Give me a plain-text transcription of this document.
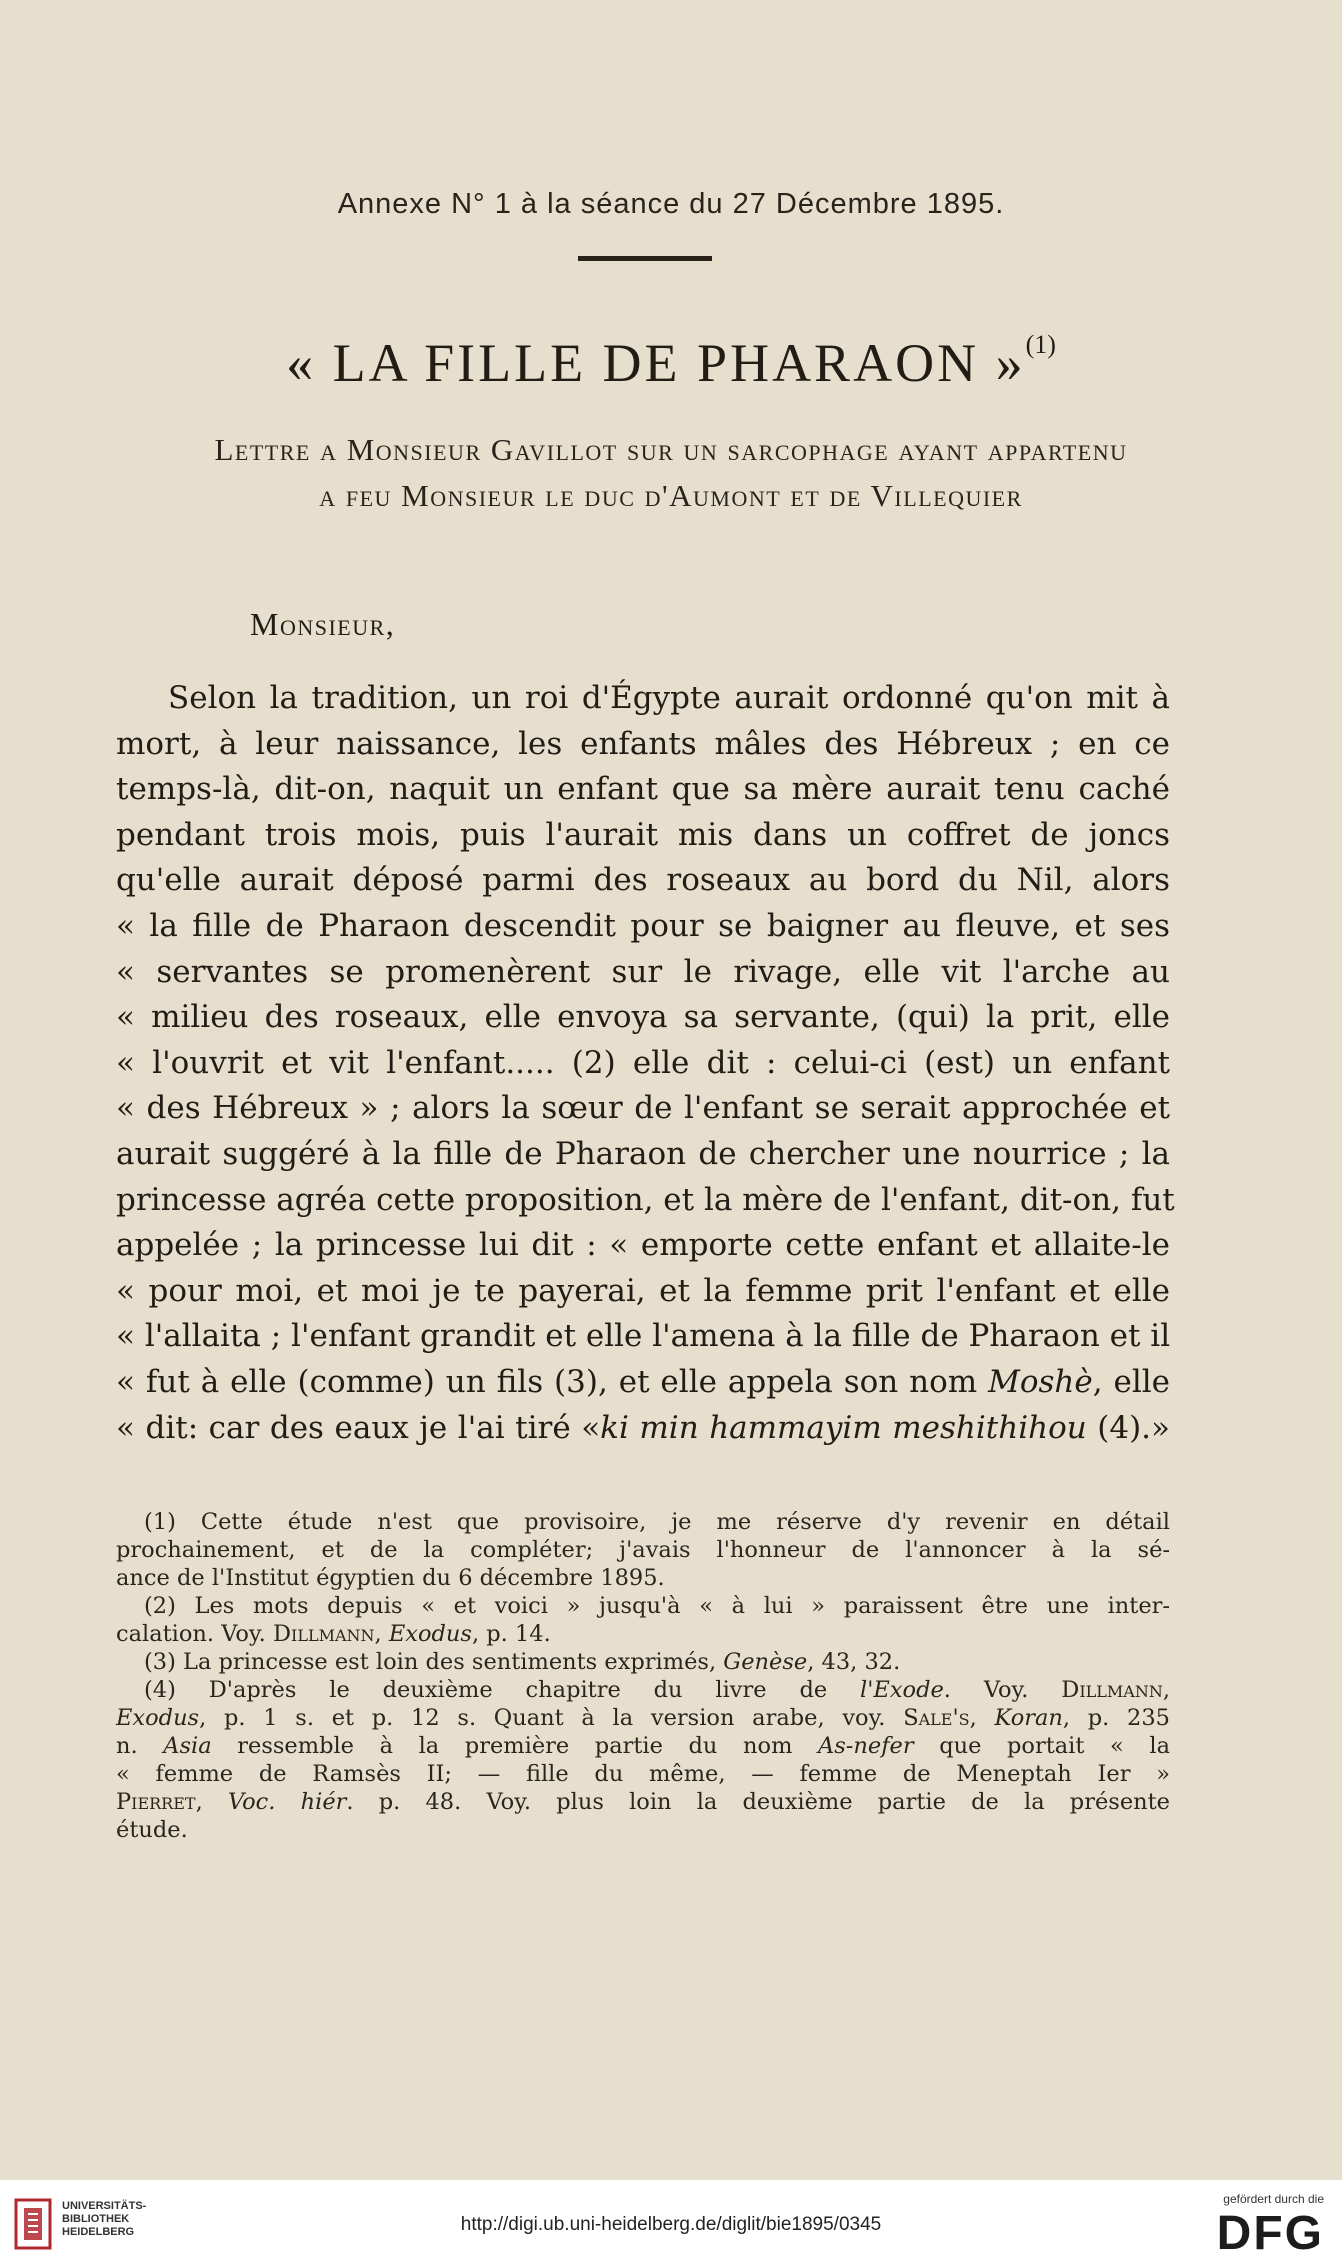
Annexe N° 1 à la séance du 27 Décembre 1895.
« LA FILLE DE PHARAON »$^{(1)}$
Lettre a Monsieur Gavillot sur un sarcophage ayant appartenu
a feu Monsieur le duc d'Aumont et de Villequier
Monsieur,
Selon la tradition, un roi d'Égypte aurait ordonné qu'on mit à
mort, à leur naissance, les enfants mâles des Hébreux ; en ce
temps-là, dit-on, naquit un enfant que sa mère aurait tenu caché
pendant trois mois, puis l'aurait mis dans un coffret de joncs
qu'elle aurait déposé parmi des roseaux au bord du Nil, alors
« la fille de Pharaon descendit pour se baigner au fleuve, et ses
« servantes se promenèrent sur le rivage, elle vit l'arche au
« milieu des roseaux, elle envoya sa servante, (qui) la prit, elle
« l'ouvrit et vit l'enfant..... (2) elle dit : celui-ci (est) un enfant
« des Hébreux » ; alors la sœur de l'enfant se serait approchée et
aurait suggéré à la fille de Pharaon de chercher une nourrice ; la
princesse agréa cette proposition, et la mère de l'enfant, dit-on, fut
appelée ; la princesse lui dit : « emporte cette enfant et allaite-le
« pour moi, et moi je te payerai, et la femme prit l'enfant et elle
« l'allaita ; l'enfant grandit et elle l'amena à la fille de Pharaon et il
« fut à elle (comme) un fils (3), et elle appela son nom Moshè, elle
« dit: car des eaux je l'ai tiré «ki min hammayim meshithihou (4).»
(1) Cette étude n'est que provisoire, je me réserve d'y revenir en détail
prochainement, et de la compléter; j'avais l'honneur de l'annoncer à la sé-
ance de l'Institut égyptien du 6 décembre 1895.
(2) Les mots depuis « et voici » jusqu'à « à lui » paraissent être une inter-
calation. Voy. Dillmann, Exodus, p. 14.
(3) La princesse est loin des sentiments exprimés, Genèse, 43, 32.
(4) D'après le deuxième chapitre du livre de l'Exode. Voy. Dillmann,
Exodus, p. 1 s. et p. 12 s. Quant à la version arabe, voy. Sale's, Koran, p. 235
n. Asia ressemble à la première partie du nom As-nefer que portait « la
« femme de Ramsès II; — fille du même, — femme de Meneptah Ier »
Pierret, Voc. hiér. p. 48. Voy. plus loin la deuxième partie de la présente
étude.
UNIVERSITÄTS-
BIBLIOTHEK
HEIDELBERG	http://digi.ub.uni-heidelberg.de/diglit/bie1895/0345
gefördert durch die
DFG
